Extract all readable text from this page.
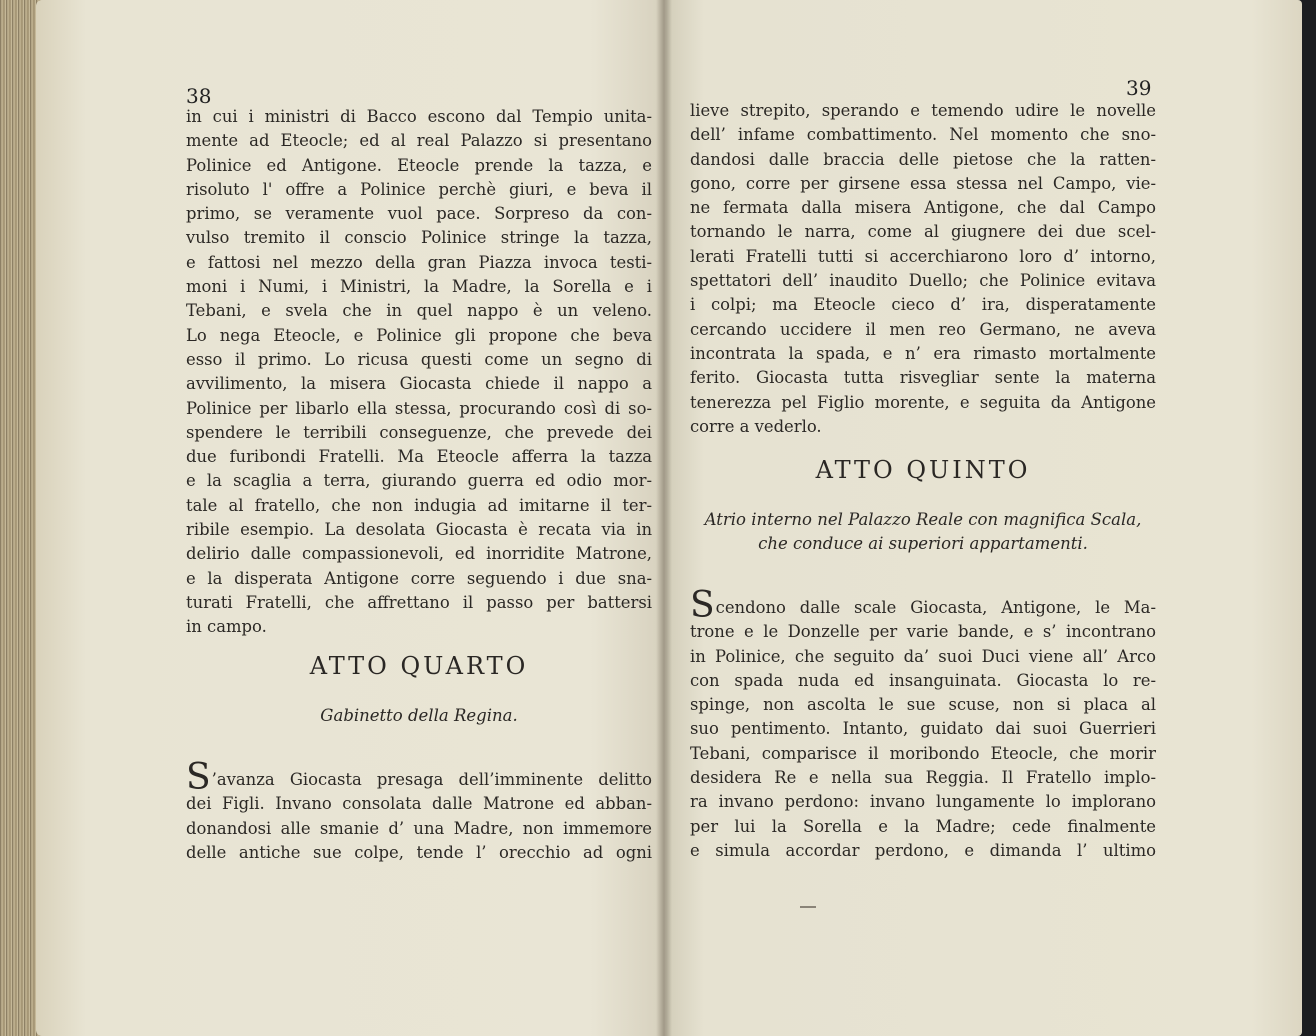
38
in cui i ministri di Bacco escono dal Tempio unita-
mente ad Eteocle; ed al real Palazzo si presentano
Polinice ed Antigone. Eteocle prende la tazza, e
risoluto l' offre a Polinice perchè giuri, e beva il
primo, se veramente vuol pace. Sorpreso da con-
vulso tremito il conscio Polinice stringe la tazza,
e fattosi nel mezzo della gran Piazza invoca testi-
moni i Numi, i Ministri, la Madre, la Sorella e i
Tebani, e svela che in quel nappo è un veleno.
Lo nega Eteocle, e Polinice gli propone che beva
esso il primo. Lo ricusa questi come un segno di
avvilimento, la misera Giocasta chiede il nappo a
Polinice per libarlo ella stessa, procurando così di so-
spendere le terribili conseguenze, che prevede dei
due furibondi Fratelli. Ma Eteocle afferra la tazza
e la scaglia a terra, giurando guerra ed odio mor-
tale al fratello, che non indugia ad imitarne il ter-
ribile esempio. La desolata Giocasta è recata via in
delirio dalle compassionevoli, ed inorridite Matrone,
e la disperata Antigone corre seguendo i due sna-
turati Fratelli, che affrettano il passo per battersi
in campo.
ATTO QUARTO
Gabinetto della Regina.
S’avanza Giocasta presaga dell’imminente delitto
dei Figli. Invano consolata dalle Matrone ed abban-
donandosi alle smanie d’ una Madre, non immemore
delle antiche sue colpe, tende l’ orecchio ad ogni
39
lieve strepito, sperando e temendo udire le novelle
dell’ infame combattimento. Nel momento che sno-
dandosi dalle braccia delle pietose che la ratten-
gono, corre per girsene essa stessa nel Campo, vie-
ne fermata dalla misera Antigone, che dal Campo
tornando le narra, come al giugnere dei due scel-
lerati Fratelli tutti si accerchiarono loro d’ intorno,
spettatori dell’ inaudito Duello; che Polinice evitava
i colpi; ma Eteocle cieco d’ ira, disperatamente
cercando uccidere il men reo Germano, ne aveva
incontrata la spada, e n’ era rimasto mortalmente
ferito. Giocasta tutta risvegliar sente la materna
tenerezza pel Figlio morente, e seguita da Antigone
corre a vederlo.
ATTO QUINTO
Atrio interno nel Palazzo Reale con magnifica Scala,
che conduce ai superiori appartamenti.
Scendono dalle scale Giocasta, Antigone, le Ma-
trone e le Donzelle per varie bande, e s’ incontrano
in Polinice, che seguito da’ suoi Duci viene all’ Arco
con spada nuda ed insanguinata. Giocasta lo re-
spinge, non ascolta le sue scuse, non si placa al
suo pentimento. Intanto, guidato dai suoi Guerrieri
Tebani, comparisce il moribondo Eteocle, che morir
desidera Re e nella sua Reggia. Il Fratello implo-
ra invano perdono: invano lungamente lo implorano
per lui la Sorella e la Madre; cede finalmente
e simula accordar perdono, e dimanda l’ ultimo
